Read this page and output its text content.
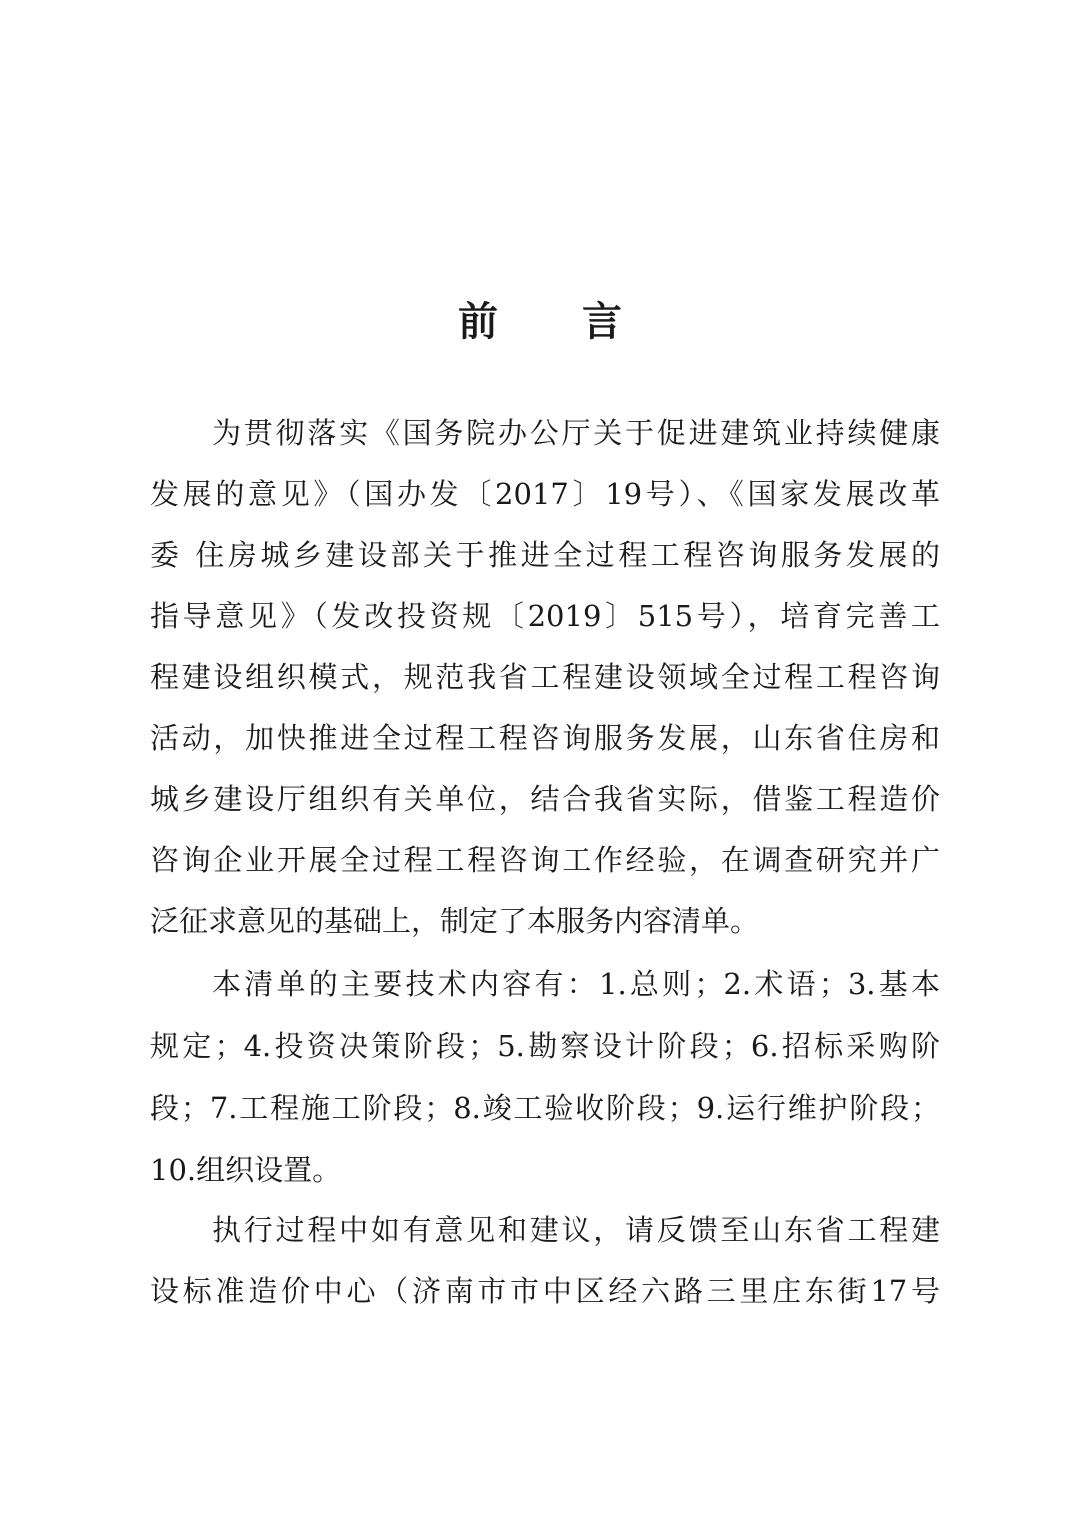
前 言
为贯彻落实《国务院办公厅关于促进建筑业持续健康
发展的意见》（国办发〔2017〕19号）、《国家发展改革
委 住房城乡建设部关于推进全过程工程咨询服务发展的
指导意见》（发改投资规〔2019〕515号），培育完善工
程建设组织模式，规范我省工程建设领域全过程工程咨询
活动，加快推进全过程工程咨询服务发展，山东省住房和
城乡建设厅组织有关单位，结合我省实际，借鉴工程造价
咨询企业开展全过程工程咨询工作经验，在调查研究并广
泛征求意见的基础上，制定了本服务内容清单。
本清单的主要技术内容有：1.总则；2.术语；3.基本
规定；4.投资决策阶段；5.勘察设计阶段；6.招标采购阶
段；7.工程施工阶段；8.竣工验收阶段；9.运行维护阶段；
10.组织设置。
执行过程中如有意见和建议，请反馈至山东省工程建
设标准造价中心（济南市市中区经六路三里庄东街17号
